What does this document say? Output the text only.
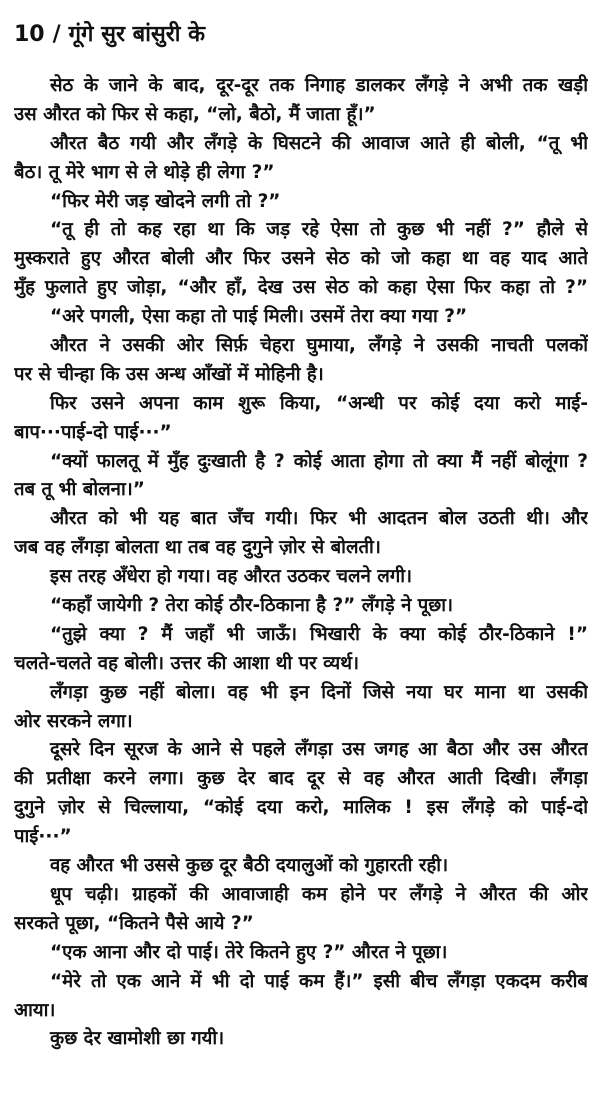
10 / गूंगे सुर बांसुरी के
सेठ के जाने के बाद, दूर-दूर तक निगाह डालकर लँगड़े ने अभी तक खड़ी
उस औरत को फिर से कहा, “लो, बैठो, मैं जाता हूँ।”
औरत बैठ गयी और लँगड़े के घिसटने की आवाज आते ही बोली, “तू भी
बैठ। तू मेरे भाग से ले थोड़े ही लेगा ?”
“फिर मेरी जड़ खोदने लगी तो ?”
“तू ही तो कह रहा था कि जड़ रहे ऐसा तो कुछ भी नहीं ?” हौले से
मुस्कराते हुए औरत बोली और फिर उसने सेठ को जो कहा था वह याद आते
मुँह फुलाते हुए जोड़ा, “और हाँ, देख उस सेठ को कहा ऐसा फिर कहा तो ?”
“अरे पगली, ऐसा कहा तो पाई मिली। उसमें तेरा क्या गया ?”
औरत ने उसकी ओर सिर्फ़ चेहरा घुमाया, लँगड़े ने उसकी नाचती पलकों
पर से चीन्हा कि उस अन्ध आँखों में मोहिनी है।
फिर उसने अपना काम शुरू किया, “अन्धी पर कोई दया करो माई-
बाप···पाई-दो पाई···”
“क्यों फालतू में मुँह दुःखाती है ? कोई आता होगा तो क्या मैं नहीं बोलूंगा ?
तब तू भी बोलना।”
औरत को भी यह बात जँच गयी। फिर भी आदतन बोल उठती थी। और
जब वह लँगड़ा बोलता था तब वह दुगुने ज़ोर से बोलती।
इस तरह अँधेरा हो गया। वह औरत उठकर चलने लगी।
“कहाँ जायेगी ? तेरा कोई ठौर-ठिकाना है ?” लँगड़े ने पूछा।
“तुझे क्या ? मैं जहाँ भी जाऊँ। भिखारी के क्या कोई ठौर-ठिकाने !”
चलते-चलते वह बोली। उत्तर की आशा थी पर व्यर्थ।
लँगड़ा कुछ नहीं बोला। वह भी इन दिनों जिसे नया घर माना था उसकी
ओर सरकने लगा।
दूसरे दिन सूरज के आने से पहले लँगड़ा उस जगह आ बैठा और उस औरत
की प्रतीक्षा करने लगा। कुछ देर बाद दूर से वह औरत आती दिखी। लँगड़ा
दुगुने ज़ोर से चिल्लाया, “कोई दया करो, मालिक ! इस लँगड़े को पाई-दो
पाई···”
वह औरत भी उससे कुछ दूर बैठी दयालुओं को गुहारती रही।
धूप चढ़ी। ग्राहकों की आवाजाही कम होने पर लँगड़े ने औरत की ओर
सरकते पूछा, “कितने पैसे आये ?”
“एक आना और दो पाई। तेरे कितने हुए ?” औरत ने पूछा।
“मेरे तो एक आने में भी दो पाई कम हैं।” इसी बीच लँगड़ा एकदम करीब
आया।
कुछ देर खामोशी छा गयी।
